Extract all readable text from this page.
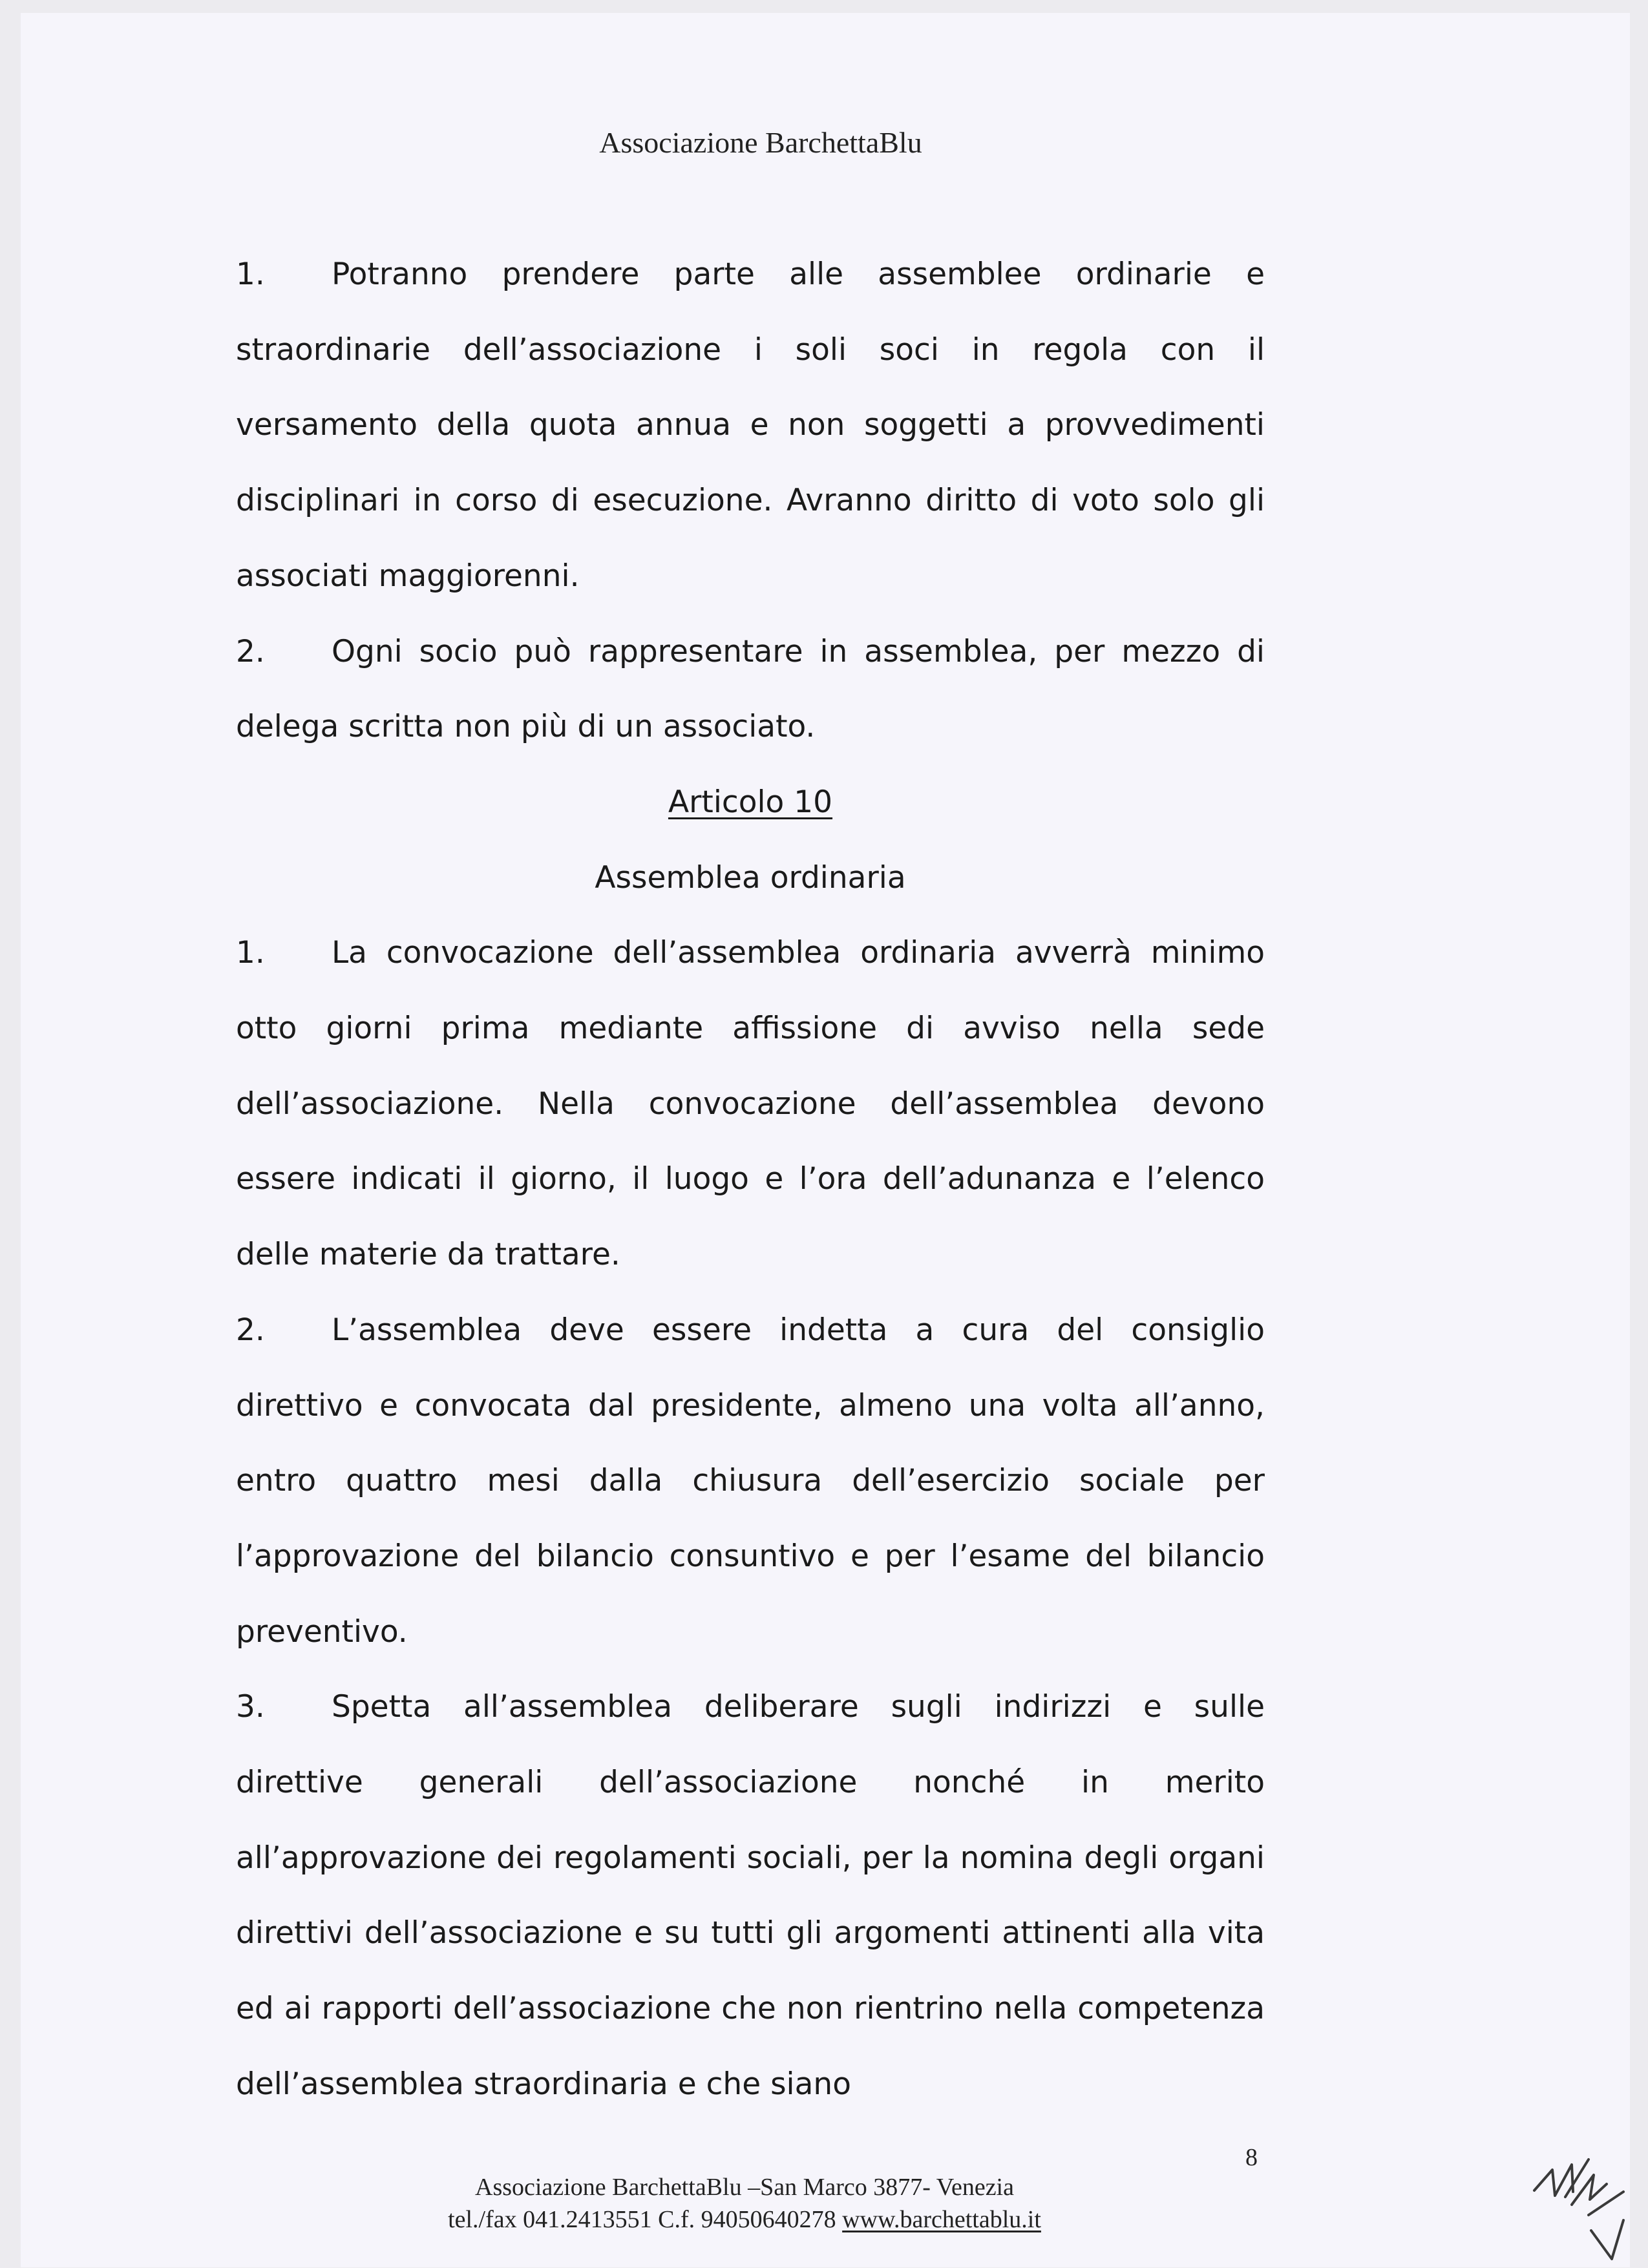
Associazione BarchettaBlu

1. Potranno prendere parte alle assemblee ordinarie e straordinarie dell’associazione i soli soci in regola con il versamento della quota annua e non soggetti a provvedimenti disciplinari in corso di esecuzione. Avranno diritto di voto solo gli associati maggiorenni.

2. Ogni socio può rappresentare in assemblea, per mezzo di delega scritta non più di un associato.

Articolo 10

Assemblea ordinaria

1. La convocazione dell’assemblea ordinaria avverrà minimo otto giorni prima mediante affissione di avviso nella sede dell’associazione. Nella convocazione dell’assemblea devono essere indicati il giorno, il luogo e l’ora dell’adunanza e l’elenco delle materie da trattare.

2. L’assemblea deve essere indetta a cura del consiglio direttivo e convocata dal presidente, almeno una volta all’anno, entro quattro mesi dalla chiusura dell’esercizio sociale per l’approvazione del bilancio consuntivo e per l’esame del bilancio preventivo.

3. Spetta all’assemblea deliberare sugli indirizzi e sulle direttive generali dell’associazione nonché in merito all’approvazione dei regolamenti sociali, per la nomina degli organi direttivi dell’associazione e su tutti gli argomenti attinenti alla vita ed ai rapporti dell’associazione che non rientrino nella competenza dell’assemblea straordinaria e che siano

8
Associazione BarchettaBlu –San Marco 3877- Venezia
tel./fax 041.2413551 C.f. 94050640278 www.barchettablu.it
